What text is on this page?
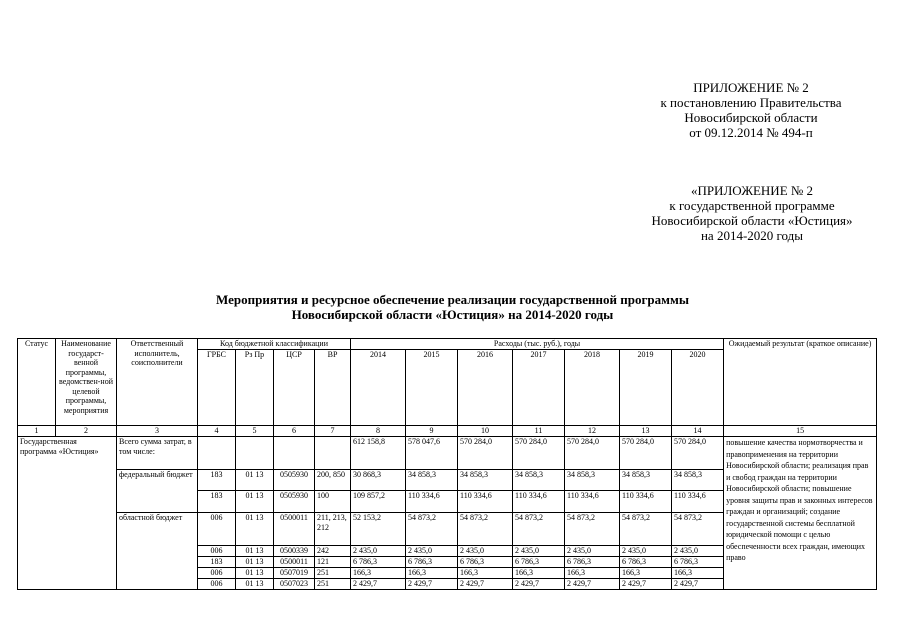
ПРИЛОЖЕНИЕ № 2
к постановлению Правительства
Новосибирской области
от 09.12.2014 № 494-п
«ПРИЛОЖЕНИЕ № 2
к государственной программе
Новосибирской области «Юстиция»
на 2014-2020 годы
Мероприятия и ресурсное обеспечение реализации государственной программы
Новосибирской области «Юстиция» на 2014-2020 годы
Статус	Наименование государст-венной программы, ведомствен-ной целевой программы, мероприятия	Ответственный исполнитель, соисполнители	Код бюджетной классификации				Расходы (тыс. руб.), годы							Ожидаемый результат (краткое описание)
			ГРБС	Рз Пр	ЦСР	ВР	2014	2015	2016	2017	2018	2019	2020	
1	2	3	4	5	6	7	8	9	10	11	12	13	14	15
Государственная программа «Юстиция»		Всего сумма затрат, в том числе:					612 158,8	578 047,6	570 284,0	570 284,0	570 284,0	570 284,0	570 284,0	повышение качества нормотворчества и правоприменения на территории Новосибирской области; реализация прав и свобод граждан на территории Новосибирской области; повышение уровня защиты прав и законных интересов граждан и организаций; создание государственной системы бесплатной юридической помощи с целью обеспеченности всех граждан, имеющих право
		федеральный бюджет	183	01 13	0505930	200, 850	30 868,3	34 858,3	34 858,3	34 858,3	34 858,3	34 858,3	34 858,3	
			183	01 13	0505930	100	109 857,2	110 334,6	110 334,6	110 334,6	110 334,6	110 334,6	110 334,6	
		областной бюджет	006	01 13	0500011	211, 213, 212	52 153,2	54 873,2	54 873,2	54 873,2	54 873,2	54 873,2	54 873,2	
			006	01 13	0500339	242	2 435,0	2 435,0	2 435,0	2 435,0	2 435,0	2 435,0	2 435,0	
			183	01 13	0500011	121	6 786,3	6 786,3	6 786,3	6 786,3	6 786,3	6 786,3	6 786,3	
			006	01 13	0507019	251	166,3	166,3	166,3	166,3	166,3	166,3	166,3	
			006	01 13	0507023	251	2 429,7	2 429,7	2 429,7	2 429,7	2 429,7	2 429,7	2 429,7	
